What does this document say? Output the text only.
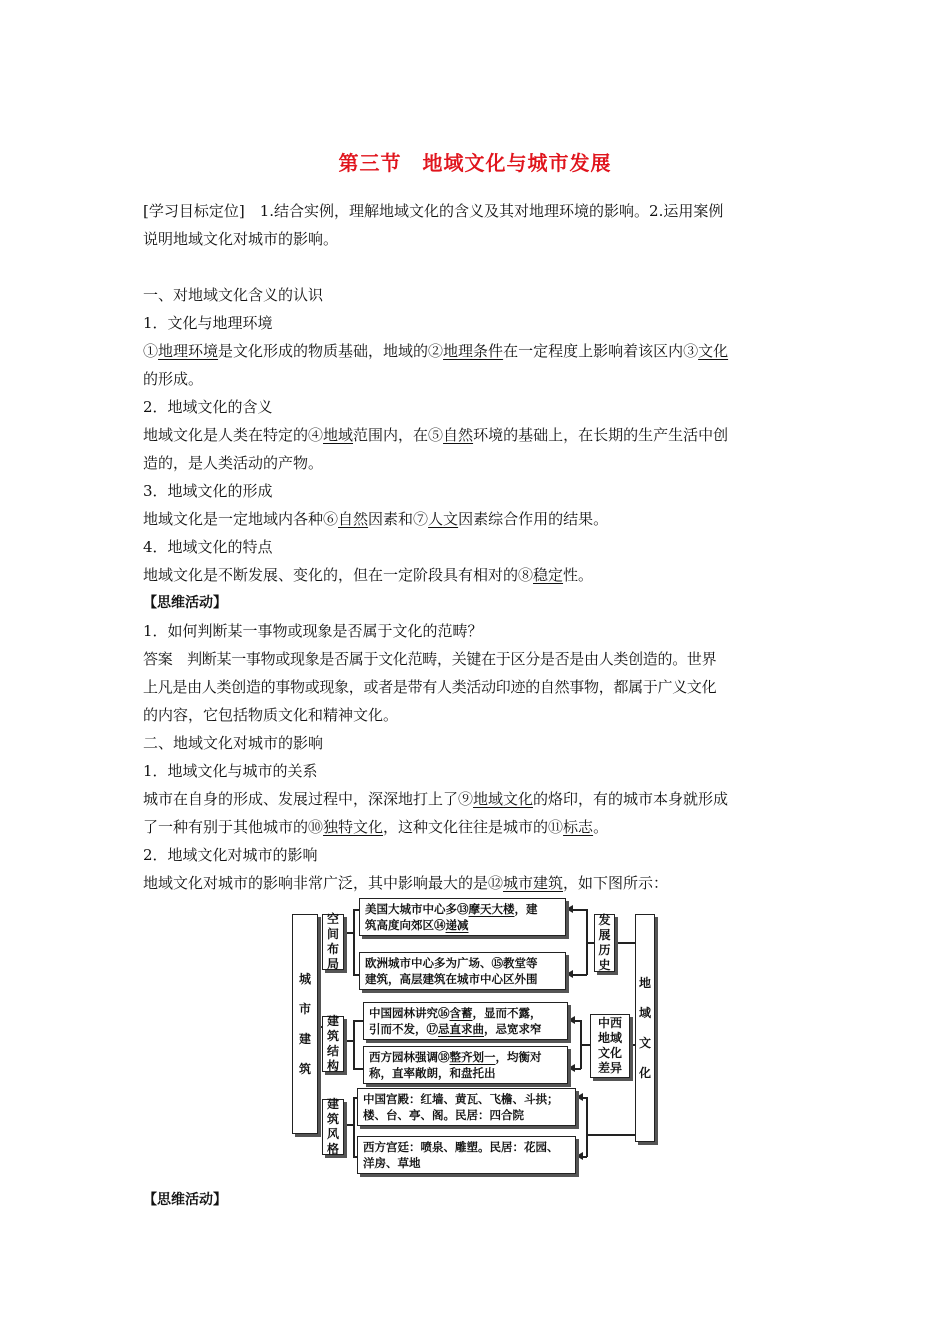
第三节　地域文化与城市发展

[学习目标定位]　1.结合实例，理解地域文化的含义及其对地理环境的影响。2.运用案例

说明地域文化对城市的影响。

一、对地域文化含义的认识

1．文化与地理环境

①地理环境是文化形成的物质基础，地域的②地理条件在一定程度上影响着该区内③文化

的形成。

2．地域文化的含义

地域文化是人类在特定的④地域范围内，在⑤自然环境的基础上，在长期的生产生活中创

造的，是人类活动的产物。

3．地域文化的形成

地域文化是一定地域内各种⑥自然因素和⑦人文因素综合作用的结果。

4．地域文化的特点

地域文化是不断发展、变化的，但在一定阶段具有相对的⑧稳定性。

【思维活动】

1．如何判断某一事物或现象是否属于文化的范畴？

答案　判断某一事物或现象是否属于文化范畴，关键在于区分是否是由人类创造的。世界

上凡是由人类创造的事物或现象，或者是带有人类活动印迹的自然事物，都属于广义文化

的内容，它包括物质文化和精神文化。

二、地域文化对城市的影响

1．地域文化与城市的关系

城市在自身的形成、发展过程中，深深地打上了⑨地域文化的烙印，有的城市本身就形成

了一种有别于其他城市的⑩独特文化，这种文化往往是城市的⑪标志。

2．地域文化对城市的影响

地域文化对城市的影响非常广泛，其中影响最大的是⑫城市建筑，如下图所示：

城

市

建

筑
地

域

文

化
空
间
布
局
建
筑
结
构
建
筑
风
格
发
展
历
史
中西
地域
文化
差异
美国大城市中心多⑬摩天大楼，建
筑高度向郊区⑭递减
欧洲城市中心多为广场、⑮教堂等
建筑，高层建筑在城市中心区外围
中国园林讲究⑯含蓄，显而不露，
引而不发，⑰忌直求曲，忌宽求窄
西方园林强调⑱整齐划一，均衡对
称，直率敞朗，和盘托出
中国宫殿：红墙、黄瓦、飞檐、斗拱；
楼、台、亭、阁。民居：四合院
西方宫廷：喷泉、雕塑。民居：花园、
洋房、草地
【思维活动】
